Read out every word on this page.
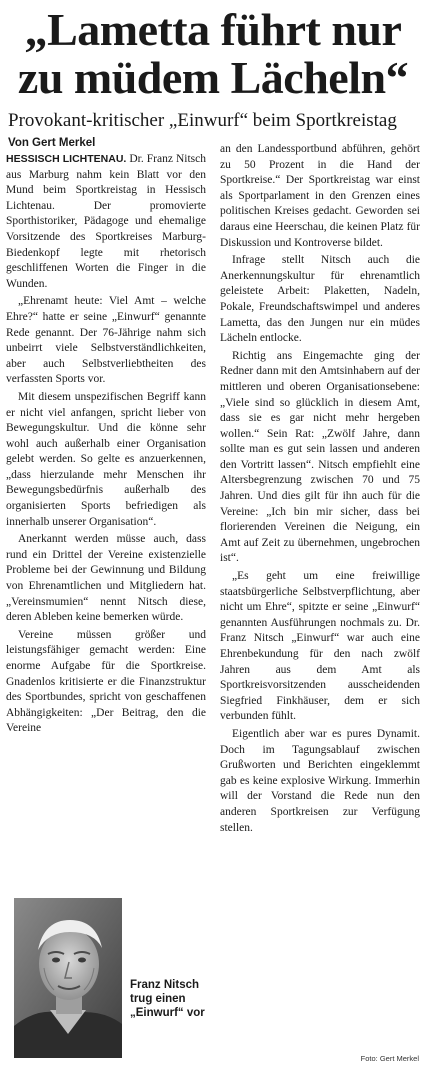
„Lametta führt nur
zu müdem Lächeln“

Provokant-kritischer „Einwurf“ beim Sportkreistag

Von Gert Merkel

HESSISCH LICHTENAU. Dr. Franz Nitsch aus Marburg nahm kein Blatt vor den Mund beim Sportkreistag in Hessisch Lichtenau. Der promovierte Sporthistoriker, Pädagoge und ehemalige Vorsitzende des Sportkreises Marburg-Biedenkopf legte mit rhetorisch geschliffenen Worten die Finger in die Wunden.

„Ehrenamt heute: Viel Amt – welche Ehre?“ hatte er seine „Einwurf“ genannte Rede genannt. Der 76-Jährige nahm sich unbeirrt viele Selbstverständlichkeiten, aber auch Selbstverliebtheiten des verfassten Sports vor.

Mit diesem unspezifischen Begriff kann er nicht viel anfangen, spricht lieber von Bewegungskultur. Und die könne sehr wohl auch außerhalb einer Organisation gelebt werden. So gelte es anzuerkennen, „dass hierzulande mehr Menschen ihr Bewegungsbedürfnis außerhalb des organisierten Sports befriedigen als innerhalb unserer Organisation“.

Anerkannt werden müsse auch, dass rund ein Drittel der Vereine existenzielle Probleme bei der Gewinnung und Bildung von Ehrenamtlichen und Mitgliedern hat. „Vereinsmumien“ nennt Nitsch diese, deren Ableben keine bemerken würde.

Vereine müssen größer und leistungsfähiger gemacht werden: Eine enorme Aufgabe für die Sportkreise. Gnadenlos kritisierte er die Finanzstruktur des Sportbundes, spricht von geschaffenen Abhängigkeiten: „Der Beitrag, den die Vereine

an den Landessportbund abführen, gehört zu 50 Prozent in die Hand der Sportkreise.“ Der Sportkreistag war einst als Sportparlament in den Grenzen eines politischen Kreises gedacht. Geworden sei daraus eine Heerschau, die keinen Platz für Diskussion und Kontroverse bildet.

Infrage stellt Nitsch auch die Anerkennungskultur für ehrenamtlich geleistete Arbeit: Plaketten, Nadeln, Pokale, Freundschaftswimpel und anderes Lametta, das den Jungen nur ein müdes Lächeln entlocke.

Richtig ans Eingemachte ging der Redner dann mit den Amtsinhabern auf der mittleren und oberen Organisationsebene: „Viele sind so glücklich in diesem Amt, dass sie es gar nicht mehr hergeben wollen.“ Sein Rat: „Zwölf Jahre, dann sollte man es gut sein lassen und anderen den Vortritt lassen“. Nitsch empfiehlt eine Altersbegrenzung zwischen 70 und 75 Jahren. Und dies gilt für ihn auch für die Vereine: „Ich bin mir sicher, dass bei florierenden Vereinen die Neigung, ein Amt auf Zeit zu übernehmen, ungebrochen ist“.

„Es geht um eine freiwillige staatsbürgerliche Selbstverpflichtung, aber nicht um Ehre“, spitzte er seine „Einwurf“ genannten Ausführungen nochmals zu. Dr. Franz Nitsch „Einwurf“ war auch eine Ehrenbekundung für den nach zwölf Jahren aus dem Amt als Sportkreisvorsitzenden ausscheidenden Siegfried Finkhäuser, dem er sich verbunden fühlt.

Eigentlich aber war es pures Dynamit. Doch im Tagungsablauf zwischen Grußworten und Berichten eingeklemmt gab es keine explosive Wirkung. Immerhin will der Vorstand die Rede nun den anderen Sportkreisen zur Verfügung stellen.

Franz Nitsch trug einen „Einwurf“ vor

Foto: Gert Merkel
